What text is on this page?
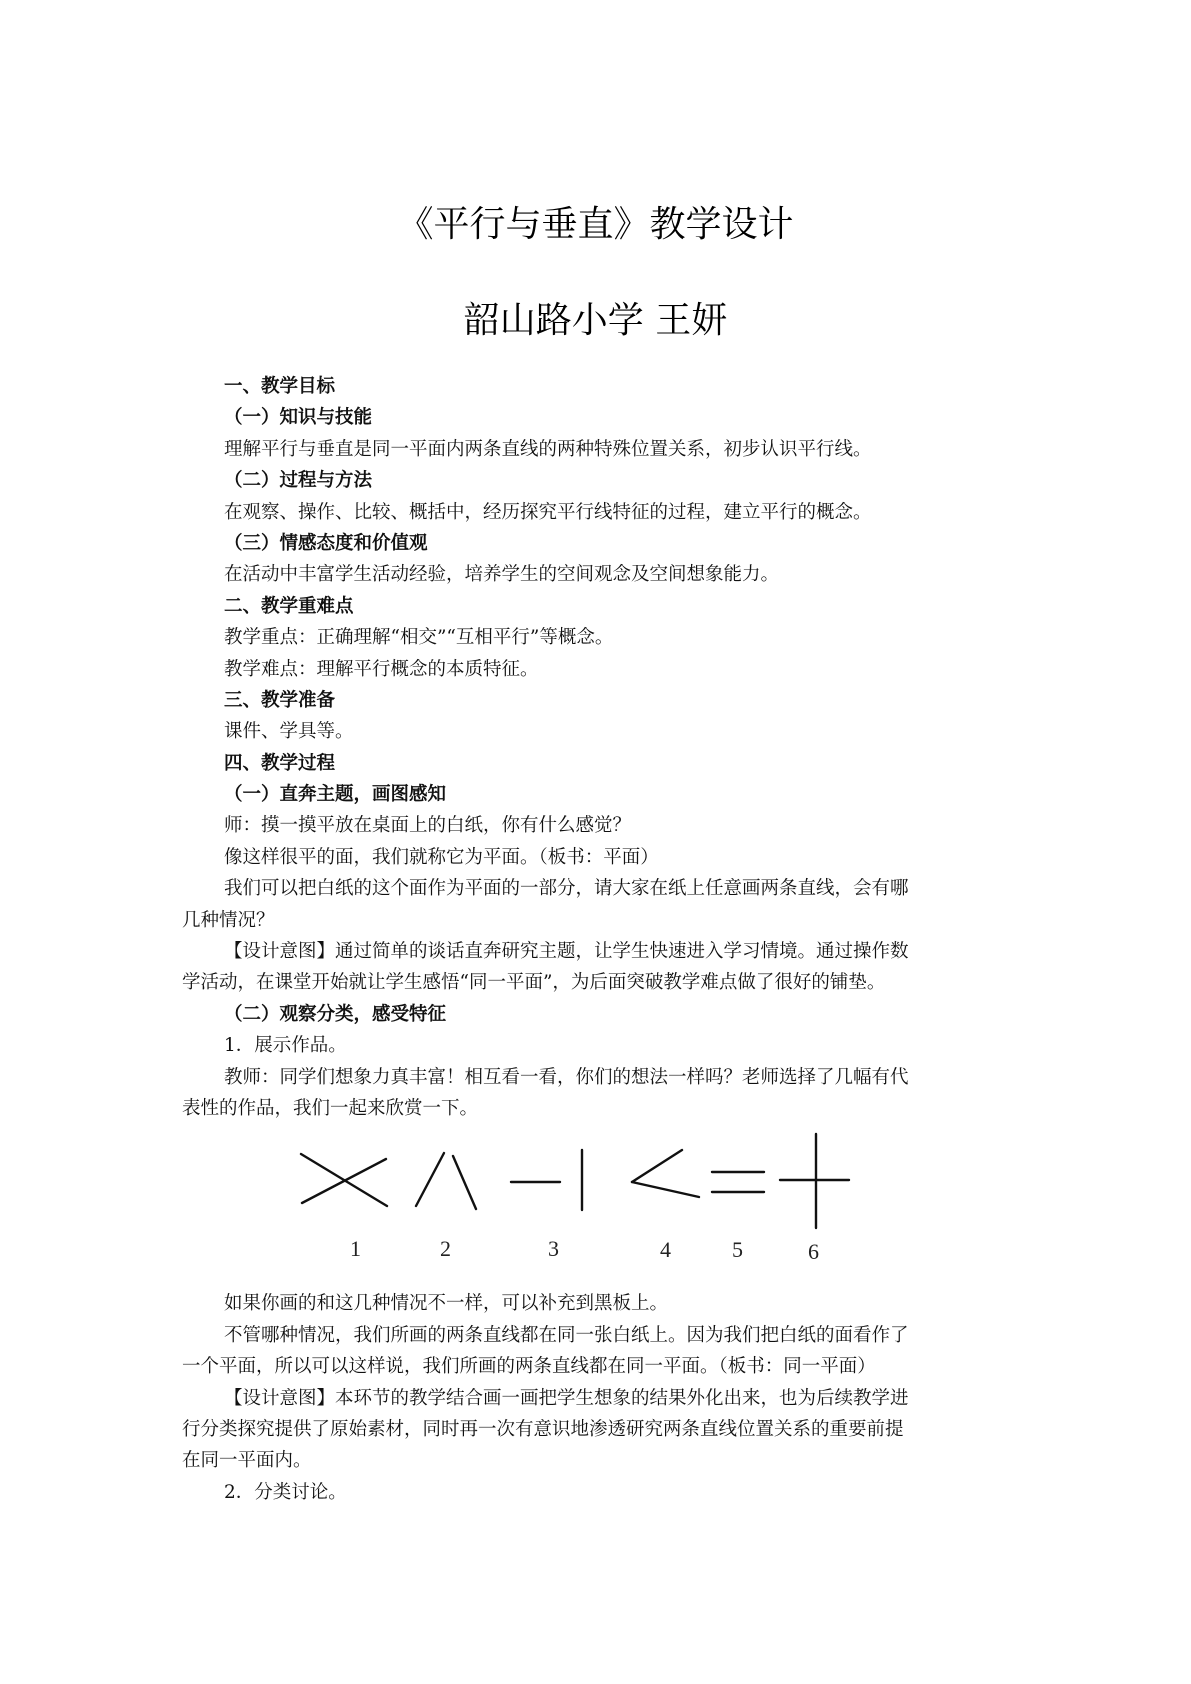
《平行与垂直》教学设计
韶山路小学 王妍
一、教学目标
（一）知识与技能
理解平行与垂直是同一平面内两条直线的两种特殊位置关系，初步认识平行线。
（二）过程与方法
在观察、操作、比较、概括中，经历探究平行线特征的过程，建立平行的概念。
（三）情感态度和价值观
在活动中丰富学生活动经验，培养学生的空间观念及空间想象能力。
二、教学重难点
教学重点：正确理解“相交”“互相平行”等概念。
教学难点：理解平行概念的本质特征。
三、教学准备
课件、学具等。
四、教学过程
（一）直奔主题，画图感知
师：摸一摸平放在桌面上的白纸，你有什么感觉？
像这样很平的面，我们就称它为平面。（板书：平面）
我们可以把白纸的这个面作为平面的一部分，请大家在纸上任意画两条直线，会有哪
几种情况？
【设计意图】通过简单的谈话直奔研究主题，让学生快速进入学习情境。通过操作数
学活动，在课堂开始就让学生感悟“同一平面”，为后面突破教学难点做了很好的铺垫。
（二）观察分类，感受特征
1．展示作品。
教师：同学们想象力真丰富！相互看一看，你们的想法一样吗？老师选择了几幅有代
表性的作品，我们一起来欣赏一下。
1	2	3	4	5	6
如果你画的和这几种情况不一样，可以补充到黑板上。
不管哪种情况，我们所画的两条直线都在同一张白纸上。因为我们把白纸的面看作了
一个平面，所以可以这样说，我们所画的两条直线都在同一平面。（板书：同一平面）
【设计意图】本环节的教学结合画一画把学生想象的结果外化出来，也为后续教学进
行分类探究提供了原始素材，同时再一次有意识地渗透研究两条直线位置关系的重要前提
在同一平面内。
2．分类讨论。
